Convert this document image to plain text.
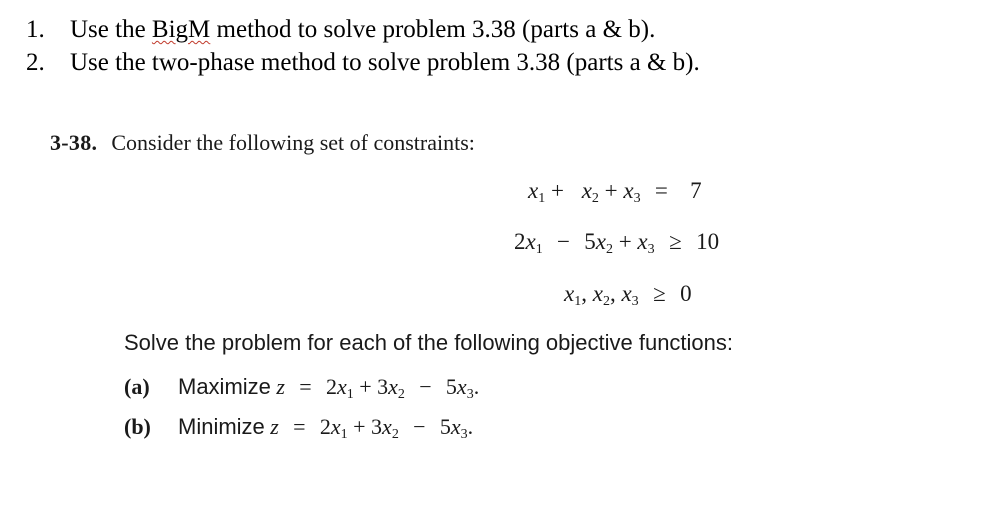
1. Use the BigM method to solve problem 3.38 (parts a & b).
2. Use the two-phase method to solve problem 3.38 (parts a & b).
3-38. Consider the following set of constraints:
$x_1 + x_2 + x_3 = 7$
$2x_1 - 5x_2 + x_3 \ge 10$
$x_1$, $x_2$, $x_3 \ge 0$
Solve the problem for each of the following objective functions:
(a) Maximize $z = 2x_1 + 3x_2 - 5x_3$.
(b) Minimize $z = 2x_1 + 3x_2 - 5x_3$.
